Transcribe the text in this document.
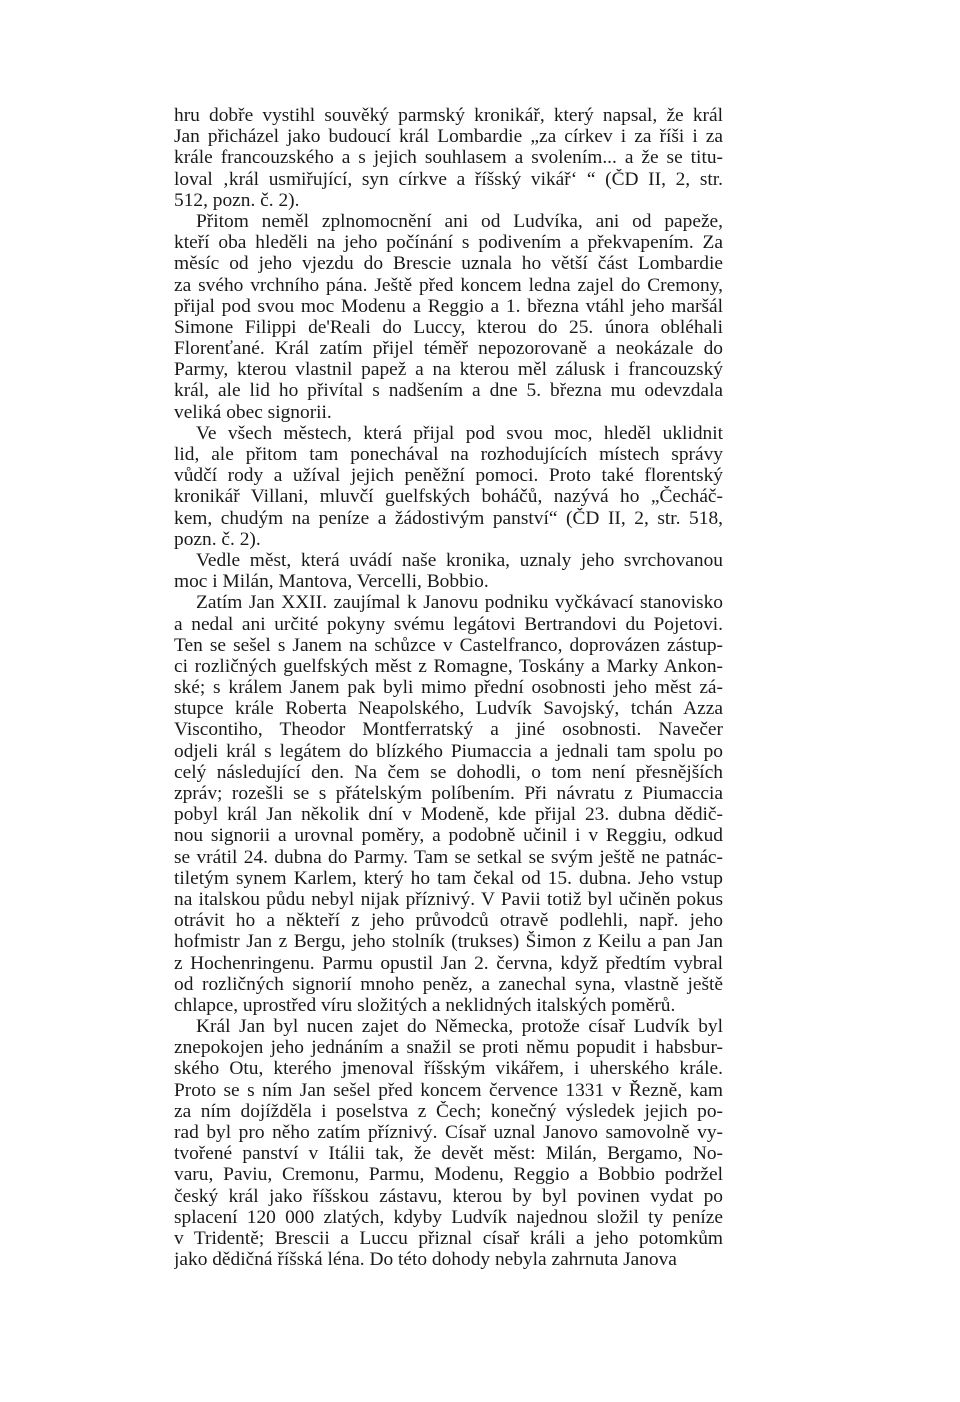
hru dobře vystihl souvěký parmský kronikář, který napsal, že král
Jan přicházel jako budoucí král Lombardie „za církev i za říši i za
krále francouzského a s jejich souhlasem a svolením... a že se titu-
loval ‚král usmiřující, syn církve a říšský vikář‘ “ (ČD II, 2, str.
512, pozn. č. 2).
Přitom neměl zplnomocnění ani od Ludvíka, ani od papeže,
kteří oba hleděli na jeho počínání s podivením a překvapením. Za
měsíc od jeho vjezdu do Brescie uznala ho větší část Lombardie
za svého vrchního pána. Ještě před koncem ledna zajel do Cremony,
přijal pod svou moc Modenu a Reggio a 1. března vtáhl jeho maršál
Simone Filippi de'Reali do Luccy, kterou do 25. února obléhali
Florenťané. Král zatím přijel téměř nepozorovaně a neokázale do
Parmy, kterou vlastnil papež a na kterou měl zálusk i francouzský
král, ale lid ho přivítal s nadšením a dne 5. března mu odevzdala
veliká obec signorii.
Ve všech městech, která přijal pod svou moc, hleděl uklidnit
lid, ale přitom tam ponechával na rozhodujících místech správy
vůdčí rody a užíval jejich peněžní pomoci. Proto také florentský
kronikář Villani, mluvčí guelfských boháčů, nazývá ho „Čecháč-
kem, chudým na peníze a žádostivým panství“ (ČD II, 2, str. 518,
pozn. č. 2).
Vedle měst, která uvádí naše kronika, uznaly jeho svrchovanou
moc i Milán, Mantova, Vercelli, Bobbio.
Zatím Jan XXII. zaujímal k Janovu podniku vyčkávací stanovisko
a nedal ani určité pokyny svému legátovi Bertrandovi du Pojetovi.
Ten se sešel s Janem na schůzce v Castelfranco, doprovázen zástup-
ci rozličných guelfských měst z Romagne, Toskány a Marky Ankon-
ské; s králem Janem pak byli mimo přední osobnosti jeho měst zá-
stupce krále Roberta Neapolského, Ludvík Savojský, tchán Azza
Viscontiho, Theodor Montferratský a jiné osobnosti. Navečer
odjeli král s legátem do blízkého Piumaccia a jednali tam spolu po
celý následující den. Na čem se dohodli, o tom není přesnějších
zpráv; rozešli se s přátelským políbením. Při návratu z Piumaccia
pobyl král Jan několik dní v Modeně, kde přijal 23. dubna dědič-
nou signorii a urovnal poměry, a podobně učinil i v Reggiu, odkud
se vrátil 24. dubna do Parmy. Tam se setkal se svým ještě ne patnác-
tiletým synem Karlem, který ho tam čekal od 15. dubna. Jeho vstup
na italskou půdu nebyl nijak příznivý. V Pavii totiž byl učiněn pokus
otrávit ho a někteří z jeho průvodců otravě podlehli, např. jeho
hofmistr Jan z Bergu, jeho stolník (trukses) Šimon z Keilu a pan Jan
z Hochenringenu. Parmu opustil Jan 2. června, když předtím vybral
od rozličných signorií mnoho peněz, a zanechal syna, vlastně ještě
chlapce, uprostřed víru složitých a neklidných italských poměrů.
Král Jan byl nucen zajet do Německa, protože císař Ludvík byl
znepokojen jeho jednáním a snažil se proti němu popudit i habsbur-
ského Otu, kterého jmenoval říšským vikářem, i uherského krále.
Proto se s ním Jan sešel před koncem července 1331 v Řezně, kam
za ním dojížděla i poselstva z Čech; konečný výsledek jejich po-
rad byl pro něho zatím příznivý. Císař uznal Janovo samovolně vy-
tvořené panství v Itálii tak, že devět měst: Milán, Bergamo, No-
varu, Paviu, Cremonu, Parmu, Modenu, Reggio a Bobbio podržel
český král jako říšskou zástavu, kterou by byl povinen vydat po
splacení 120 000 zlatých, kdyby Ludvík najednou složil ty peníze
v Tridentě; Brescii a Luccu přiznal císař králi a jeho potomkům
jako dědičná říšská léna. Do této dohody nebyla zahrnuta Janova
